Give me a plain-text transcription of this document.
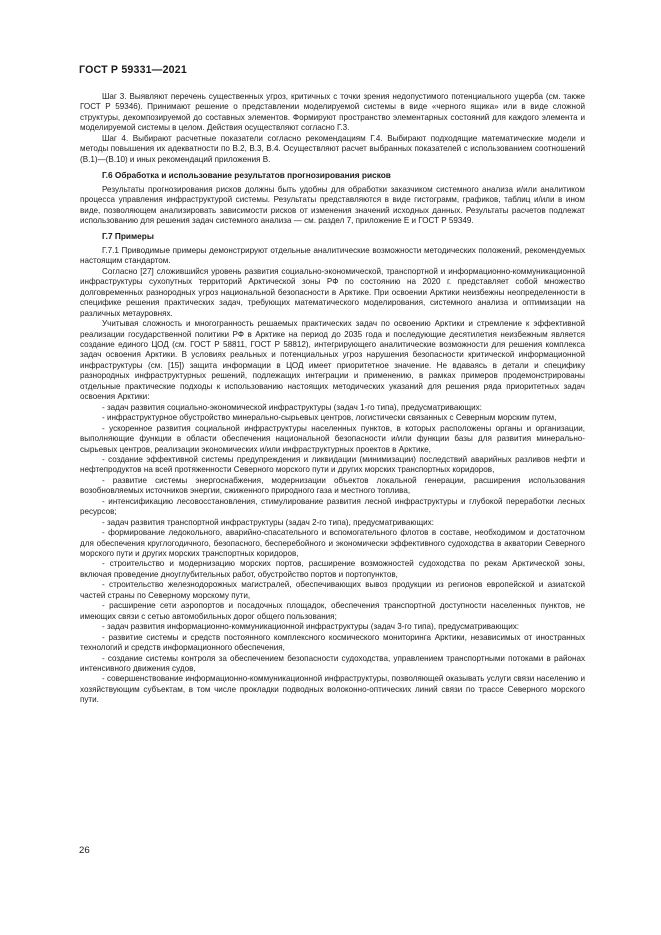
ГОСТ Р 59331—2021

Шаг 3. Выявляют перечень существенных угроз, критичных с точки зрения недопустимого потенциального ущерба (см. также ГОСТ Р 59346). Принимают решение о представлении моделируемой системы в виде «черного ящика» или в виде сложной структуры, декомпозируемой до составных элементов. Формируют пространство элементарных состояний для каждого элемента и моделируемой системы в целом. Действия осуществляют согласно Г.3.

Шаг 4. Выбирают расчетные показатели согласно рекомендациям Г.4. Выбирают подходящие математические модели и методы повышения их адекватности по В.2, В.3, В.4. Осуществляют расчет выбранных показателей с использованием соотношений (В.1)—(В.10) и иных рекомендаций приложения В.

Г.6 Обработка и использование результатов прогнозирования рисков

Результаты прогнозирования рисков должны быть удобны для обработки заказчиком системного анализа и/или аналитиком процесса управления инфраструктурой системы. Результаты представляются в виде гистограмм, графиков, таблиц и/или в ином виде, позволяющем анализировать зависимости рисков от изменения значений исходных данных. Результаты расчетов подлежат использованию для решения задач системного анализа — см. раздел 7, приложение Е и ГОСТ Р 59349.

Г.7 Примеры

Г.7.1 Приводимые примеры демонстрируют отдельные аналитические возможности методических положений, рекомендуемых настоящим стандартом.

Согласно [27] сложившийся уровень развития социально-экономической, транспортной и информационно-коммуникационной инфраструктуры сухопутных территорий Арктической зоны РФ по состоянию на 2020 г. представляет собой множество долговременных разнородных угроз национальной безопасности в Арктике. При освоении Арктики неизбежны неопределенности в специфике решения практических задач, требующих математического моделирования, системного анализа и оптимизации на различных метауровнях.

Учитывая сложность и многогранность решаемых практических задач по освоению Арктики и стремление к эффективной реализации государственной политики РФ в Арктике на период до 2035 года и последующие десятилетия неизбежным является создание единого ЦОД (см. ГОСТ Р 58811, ГОСТ Р 58812), интегрирующего аналитические возможности для решения комплекса задач освоения Арктики. В условиях реальных и потенциальных угроз нарушения безопасности критической информационной инфраструктуры (см. [15]) защита информации в ЦОД имеет приоритетное значение. Не вдаваясь в детали и специфику разнородных инфраструктурных решений, подлежащих интеграции и применению, в рамках примеров продемонстрированы отдельные практические подходы к использованию настоящих методических указаний для решения ряда приоритетных задач освоения Арктики:

- задач развития социально-экономической инфраструктуры (задач 1-го типа), предусматривающих:

- инфраструктурное обустройство минерально-сырьевых центров, логистически связанных с Северным морским путем,

- ускоренное развития социальной инфраструктуры населенных пунктов, в которых расположены органы и организации, выполняющие функции в области обеспечения национальной безопасности и/или функции базы для развития минерально-сырьевых центров, реализации экономических и/или инфраструктурных проектов в Арктике,

- создание эффективной системы предупреждения и ликвидации (минимизации) последствий аварийных разливов нефти и нефтепродуктов на всей протяженности Северного морского пути и других морских транспортных коридоров,

- развитие системы энергоснабжения, модернизации объектов локальной генерации, расширения использования возобновляемых источников энергии, сжиженного природного газа и местного топлива,

- интенсификацию лесовосстановления, стимулирование развития лесной инфраструктуры и глубокой переработки лесных ресурсов;

- задач развития транспортной инфраструктуры (задач 2-го типа), предусматривающих:

- формирование ледокольного, аварийно-спасательного и вспомогательного флотов в составе, необходимом и достаточном для обеспечения круглогодичного, безопасного, бесперебойного и экономически эффективного судоходства в акватории Северного морского пути и других морских транспортных коридоров,

- строительство и модернизацию морских портов, расширение возможностей судоходства по рекам Арктической зоны, включая проведение дноуглубительных работ, обустройство портов и портопунктов,

- строительство железнодорожных магистралей, обеспечивающих вывоз продукции из регионов европейской и азиатской частей страны по Северному морскому пути,

- расширение сети аэропортов и посадочных площадок, обеспечения транспортной доступности населенных пунктов, не имеющих связи с сетью автомобильных дорог общего пользования;

- задач развития информационно-коммуникационной инфраструктуры (задач 3-го типа), предусматривающих:

- развитие системы и средств постоянного комплексного космического мониторинга Арктики, независимых от иностранных технологий и средств информационного обеспечения,

- создание системы контроля за обеспечением безопасности судоходства, управлением транспортными потоками в районах интенсивного движения судов,

- совершенствование информационно-коммуникационной инфраструктуры, позволяющей оказывать услуги связи населению и хозяйствующим субъектам, в том числе прокладки подводных волоконно-оптических линий связи по трассе Северного морского пути.

26
